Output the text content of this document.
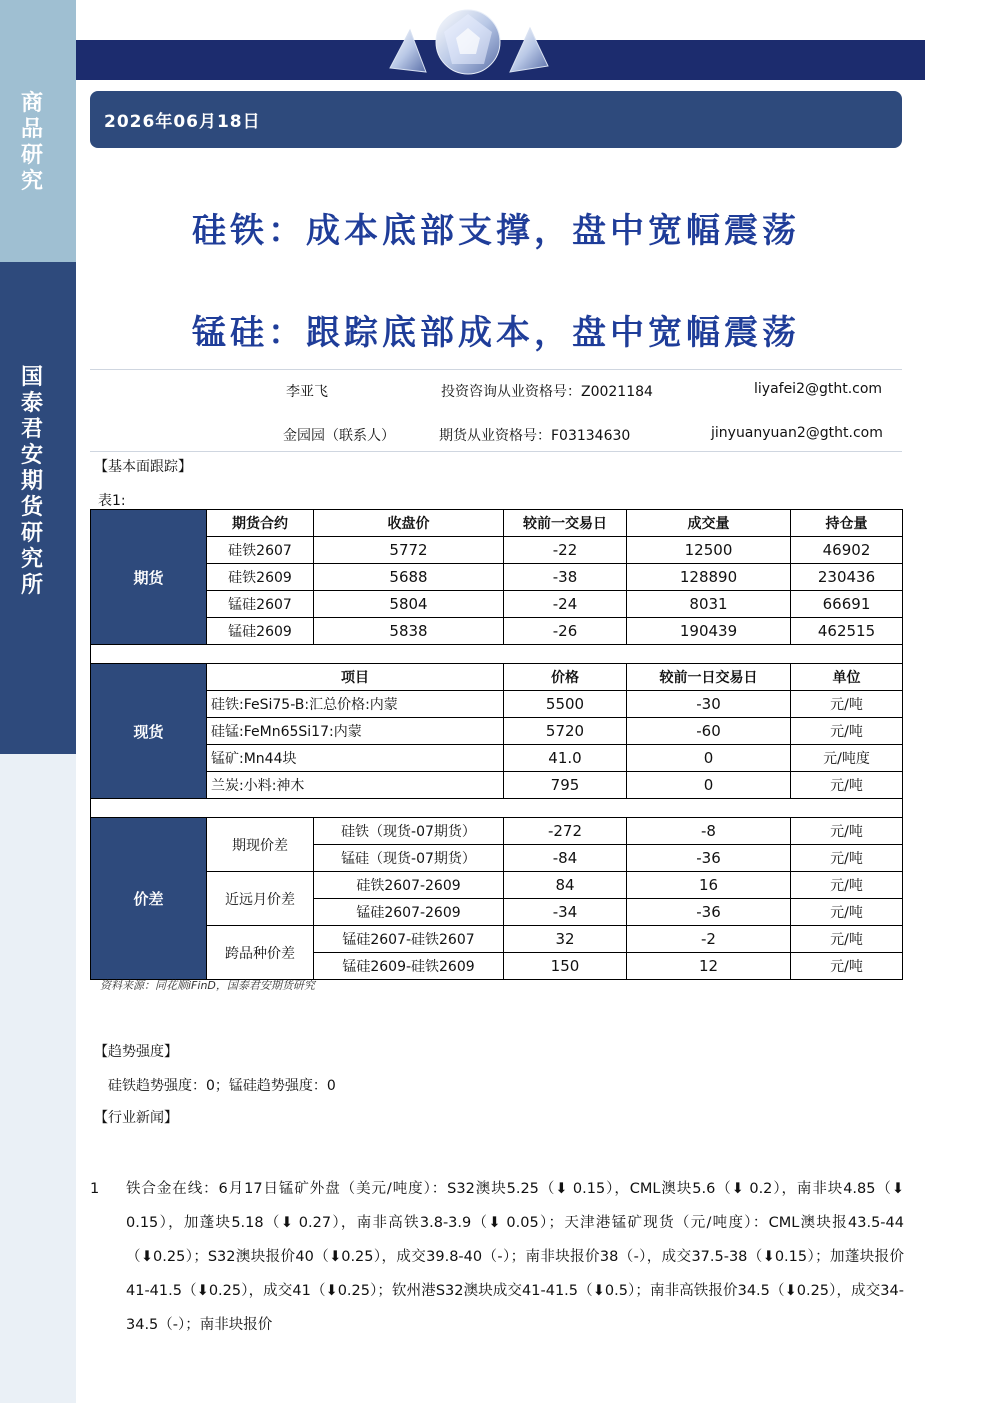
商品研究
国泰君安期货研究所
2026年06月18日
硅铁：成本底部支撑，盘中宽幅震荡
锰硅：跟踪底部成本，盘中宽幅震荡
李亚飞	投资咨询从业资格号：Z0021184	liyafei2@gtht.com
金园园（联系人）	期货从业资格号：F03134630	jinyuanyuan2@gtht.com
【基本面跟踪】
表1:
期货	期货合约	收盘价	较前一交易日	成交量	持仓量
	硅铁2607	5772	-22	12500	46902
	硅铁2609	5688	-38	128890	230436
	锰硅2607	5804	-24	8031	66691
	锰硅2609	5838	-26	190439	462515

现货	项目		价格	较前一日交易日	单位
	硅铁:FeSi75-B:汇总价格:内蒙		5500	-30	元/吨
	硅锰:FeMn65Si17:内蒙		5720	-60	元/吨
	锰矿:Mn44块		41.0	0	元/吨度
	兰炭:小料:神木		795	0	元/吨

价差	期现价差	硅铁（现货-07期货）	-272	-8	元/吨
		锰硅（现货-07期货）	-84	-36	元/吨
	近远月价差	硅铁2607-2609	84	16	元/吨
		锰硅2607-2609	-34	-36	元/吨
	跨品种价差	锰硅2607-硅铁2607	32	-2	元/吨
		锰硅2609-硅铁2609	150	12	元/吨
资料来源：同花顺iFinD，国泰君安期货研究
【趋势强度】
硅铁趋势强度：0；锰硅趋势强度：0
【行业新闻】
1 铁合金在线：6月17日锰矿外盘（美元/吨度）：S32澳块5.25（⬇ 0.15），CML澳块5.6（⬇ 0.2），南非块4.85（⬇ 0.15），加蓬块5.18（⬇ 0.27），南非高铁3.8-3.9（⬇ 0.05）；天津港锰矿现货（元/吨度）：CML澳块报43.5-44（⬇0.25）；S32澳块报价40（⬇0.25），成交39.8-40（-）；南非块报价38（-），成交37.5-38（⬇0.15）；加蓬块报价41-41.5（⬇0.25），成交41（⬇0.25）；钦州港S32澳块成交41-41.5（⬇0.5）；南非高铁报价34.5（⬇0.25），成交34-34.5（-）；南非块报价
